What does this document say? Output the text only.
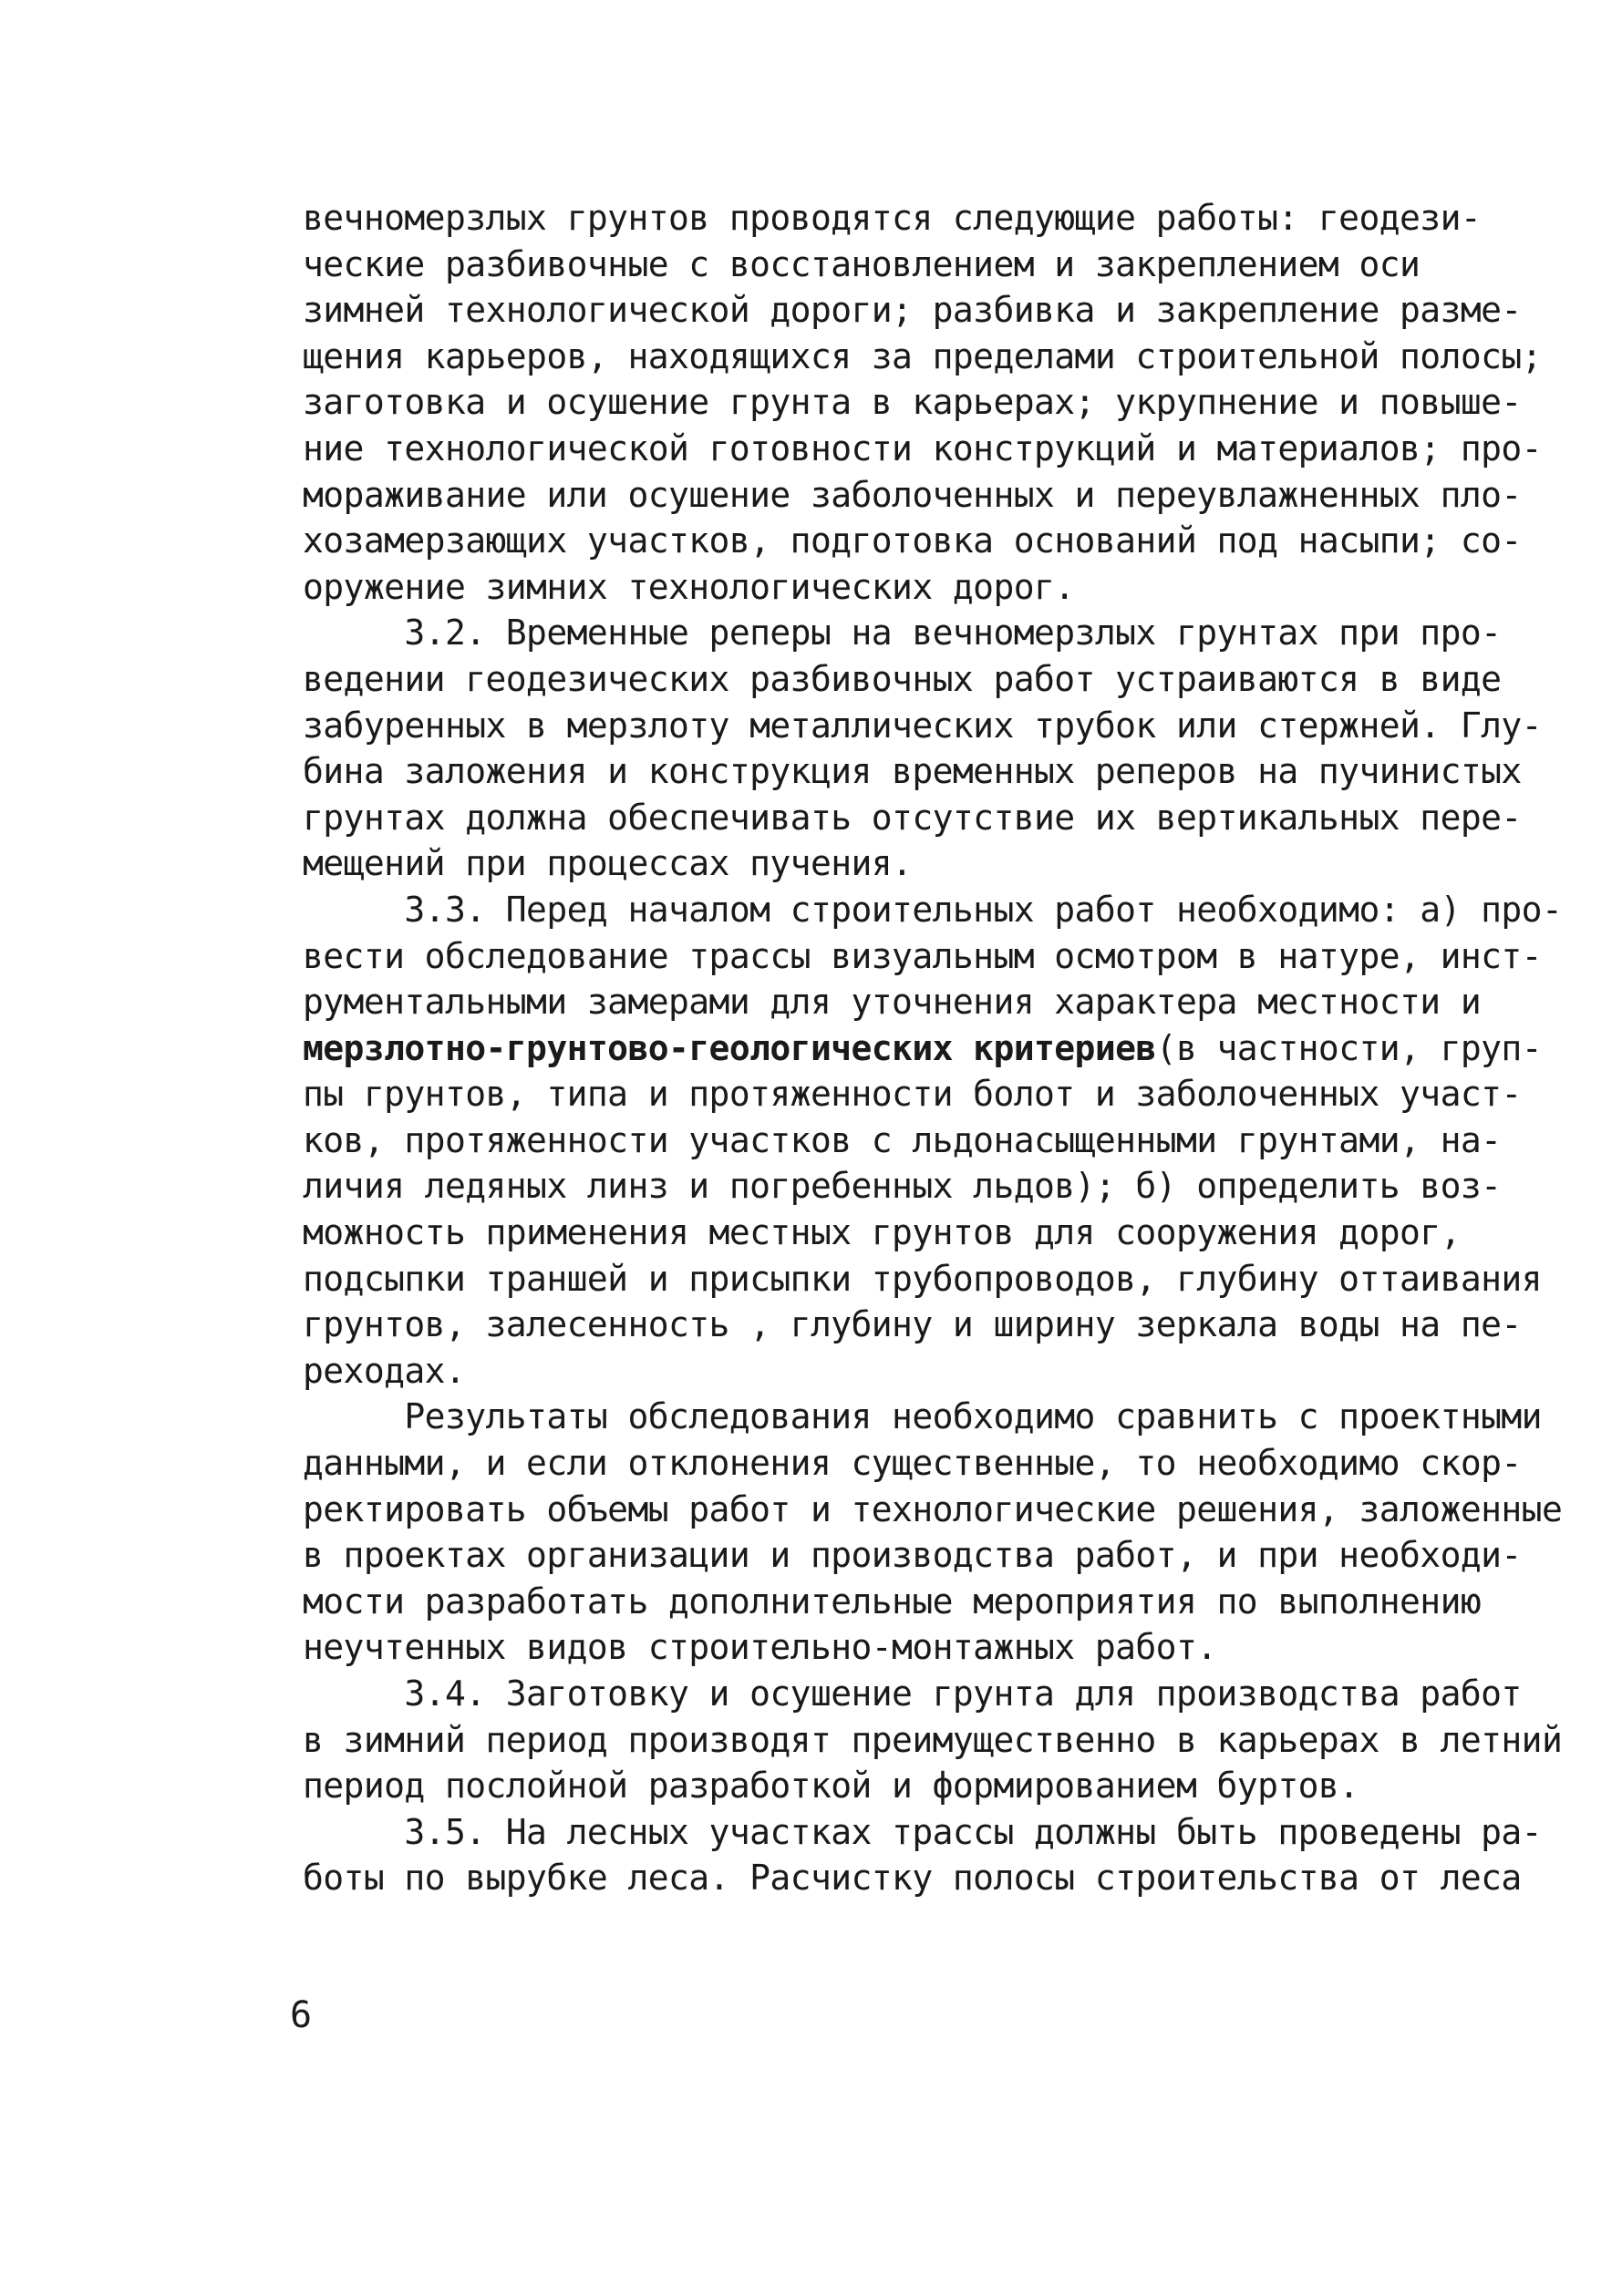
вечномерзлых грунтов проводятся следующие работы: геодези-
ческие разбивочные с восстановлением и закреплением оси
зимней технологической дороги; разбивка и закрепление разме-
щения карьеров, находящихся за пределами строительной полосы;
заготовка и осушение грунта в карьерах; укрупнение и повыше-
ние технологической готовности конструкций и материалов; про-
мораживание или осушение заболоченных и переувлажненных пло-
хозамерзающих участков, подготовка оснований под насыпи; со-
оружение зимних технологических дорог.
3.2. Временные реперы на вечномерзлых грунтах при про-
ведении геодезических разбивочных работ устраиваются в виде
забуренных в мерзлоту металлических трубок или стержней. Глу-
бина заложения и конструкция временных реперов на пучинистых
грунтах должна обеспечивать отсутствие их вертикальных пере-
мещений при процессах пучения.
3.3. Перед началом строительных работ необходимо: а) про-
вести обследование трассы визуальным осмотром в натуре, инст-
рументальными замерами для уточнения характера местности и
мерзлотно-грунтово-геологических критериев(в частности, груп-
пы грунтов, типа и протяженности болот и заболоченных участ-
ков, протяженности участков с льдонасыщенными грунтами, на-
личия ледяных линз и погребенных льдов); б) определить воз-
можность применения местных грунтов для сооружения дорог,
подсыпки траншей и присыпки трубопроводов, глубину оттаивания
грунтов, залесенность , глубину и ширину зеркала воды на пе-
реходах.
Результаты обследования необходимо сравнить с проектными
данными, и если отклонения существенные, то необходимо скор-
ректировать объемы работ и технологические решения, заложенные
в проектах организации и производства работ, и при необходи-
мости разработать дополнительные мероприятия по выполнению
неучтенных видов строительно-монтажных работ.
3.4. Заготовку и осушение грунта для производства работ
в зимний период производят преимущественно в карьерах в летний
период послойной разработкой и формированием буртов.
3.5. На лесных участках трассы должны быть проведены ра-
боты по вырубке леса. Расчистку полосы строительства от леса
6
